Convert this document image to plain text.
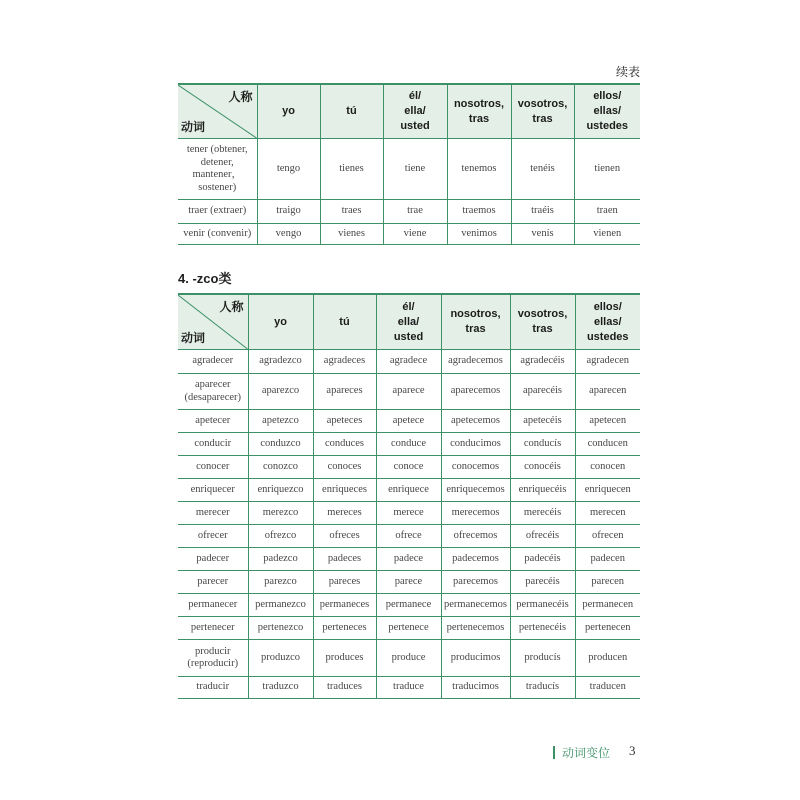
续表
人称
动词	yo	tú	él/
ella/
usted	nosotros,
tras	vosotros,
tras	ellos/
ellas/
ustedes
tener (obtener,
detener,
mantener，
sostener)	tengo	tienes	tiene	tenemos	tenéis	tienen
traer (extraer)	traigo	traes	trae	traemos	traéis	traen
venir (convenir)	vengo	vienes	viene	venimos	venís	vienen
4. -zco类
人称
动词	yo	tú	él/
ella/
usted	nosotros,
tras	vosotros,
tras	ellos/
ellas/
ustedes
agradecer	agradezco	agradeces	agradece	agradecemos	agradecéis	agradecen
aparecer
(desaparecer)	aparezco	apareces	aparece	aparecemos	aparecéis	aparecen
apetecer	apetezco	apeteces	apetece	apetecemos	apetecéis	apetecen
conducir	conduzco	conduces	conduce	conducimos	conducís	conducen
conocer	conozco	conoces	conoce	conocemos	conocéis	conocen
enriquecer	enriquezco	enriqueces	enriquece	enriquecemos	enriquecéis	enriquecen
merecer	merezco	mereces	merece	merecemos	merecéis	merecen
ofrecer	ofrezco	ofreces	ofrece	ofrecemos	ofrecéis	ofrecen
padecer	padezco	padeces	padece	padecemos	padecéis	padecen
parecer	parezco	pareces	parece	parecemos	parecéis	parecen
permanecer	permanezco	permaneces	permanece	permanecemos	permanecéis	permanecen
pertenecer	pertenezco	perteneces	pertenece	pertenecemos	pertenecéis	pertenecen
producir
(reproducir)	produzco	produces	produce	producimos	producís	producen
traducir	traduzco	traduces	traduce	traducimos	traducís	traducen
动词变位 3
